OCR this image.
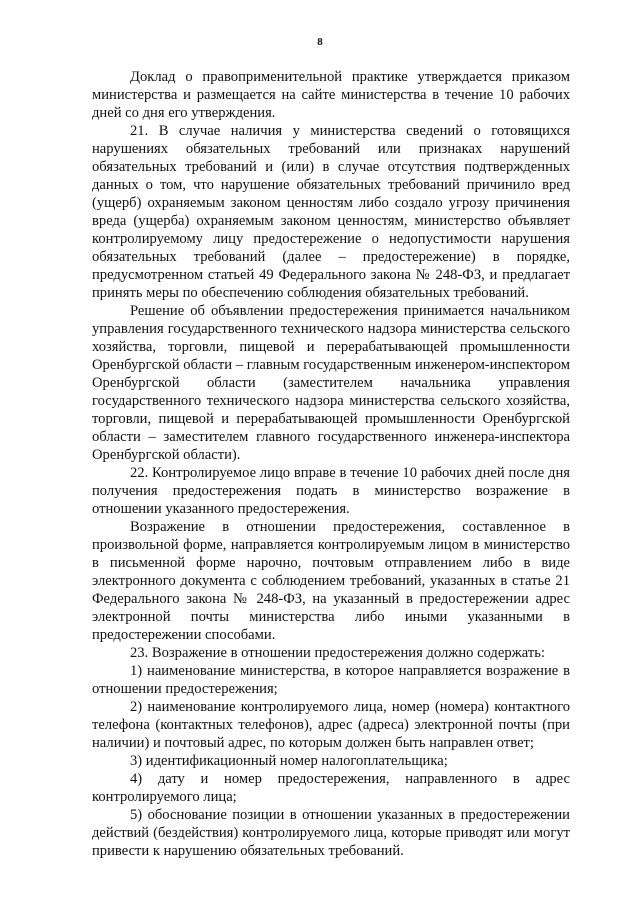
8

Доклад о правоприменительной практике утверждается приказом министерства и размещается на сайте министерства в течение 10 рабочих дней со дня его утверждения.

21. В случае наличия у министерства сведений о готовящихся нарушениях обязательных требований или признаках нарушений обязательных требований и (или) в случае отсутствия подтвержденных данных о том, что нарушение обязательных требований причинило вред (ущерб) охраняемым законом ценностям либо создало угрозу причинения вреда (ущерба) охраняемым законом ценностям, министерство объявляет контролируемому лицу предостережение о недопустимости нарушения обязательных требований (далее – предостережение) в порядке, предусмотренном статьей 49 Федерального закона № 248-ФЗ, и предлагает принять меры по обеспечению соблюдения обязательных требований.

Решение об объявлении предостережения принимается начальником управления государственного технического надзора министерства сельского хозяйства, торговли, пищевой и перерабатывающей промышленности Оренбургской области – главным государственным инженером-инспектором Оренбургской области (заместителем начальника управления государственного технического надзора министерства сельского хозяйства, торговли, пищевой и перерабатывающей промышленности Оренбургской области – заместителем главного государственного инженера-инспектора Оренбургской области).

22. Контролируемое лицо вправе в течение 10 рабочих дней после дня получения предостережения подать в министерство возражение в отношении указанного предостережения.

Возражение в отношении предостережения, составленное в произвольной форме, направляется контролируемым лицом в министерство в письменной форме нарочно, почтовым отправлением либо в виде электронного документа с соблюдением требований, указанных в статье 21 Федерального закона № 248-ФЗ, на указанный в предостережении адрес электронной почты министерства либо иными указанными в предостережении способами.

23. Возражение в отношении предостережения должно содержать:

1) наименование министерства, в которое направляется возражение в отношении предостережения;

2) наименование контролируемого лица, номер (номера) контактного телефона (контактных телефонов), адрес (адреса) электронной почты (при наличии) и почтовый адрес, по которым должен быть направлен ответ;

3) идентификационный номер налогоплательщика;

4) дату и номер предостережения, направленного в адрес контролируемого лица;

5) обоснование позиции в отношении указанных в предостережении действий (бездействия) контролируемого лица, которые приводят или могут привести к нарушению обязательных требований.
